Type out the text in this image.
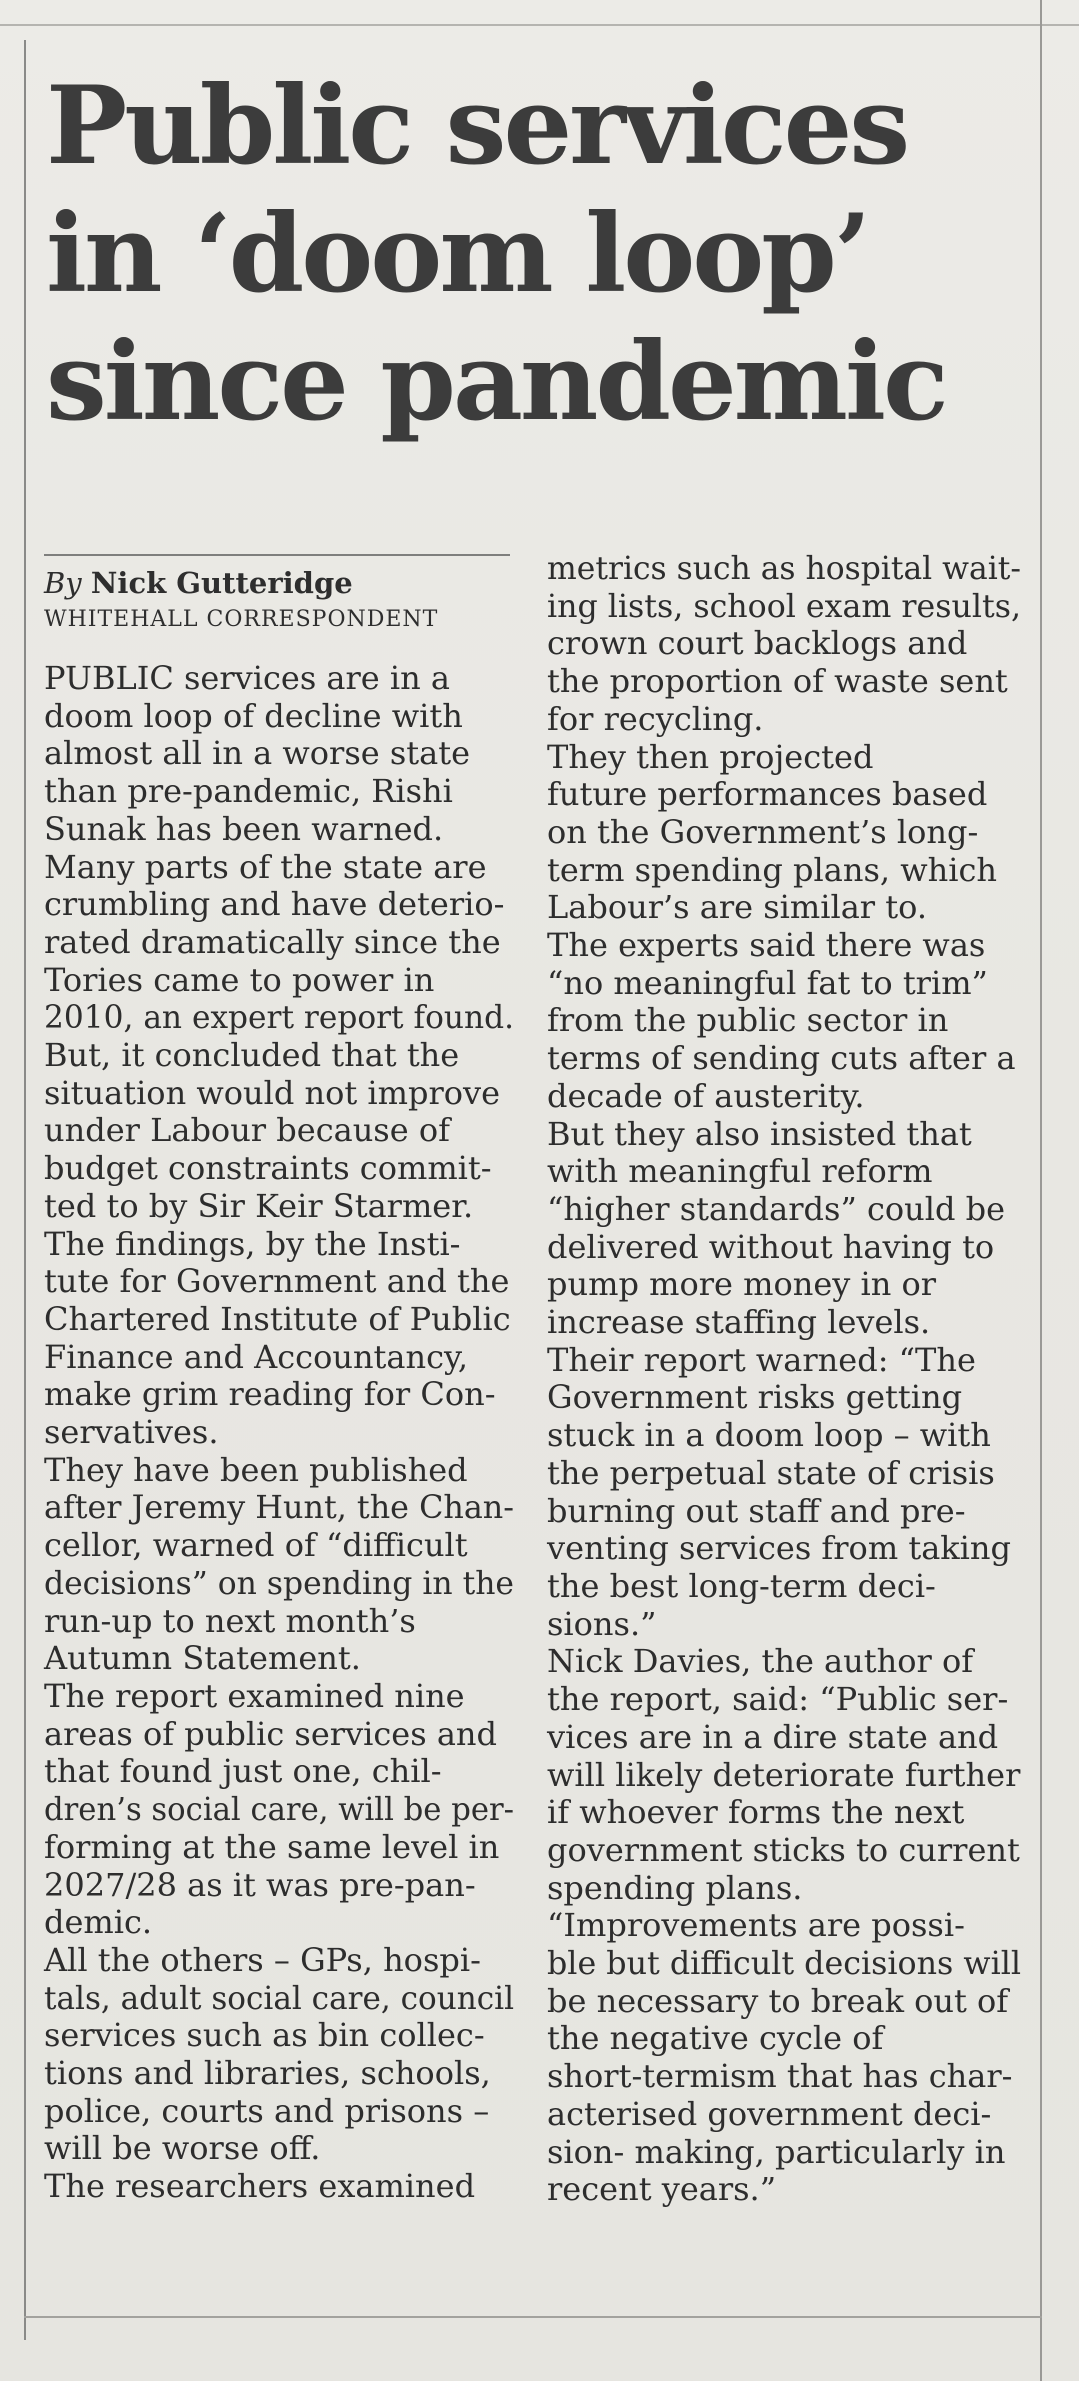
Public services
in ‘doom loop’
since pandemic
By Nick Gutteridge
WHITEHALL CORRESPONDENT
PUBLIC services are in a
doom loop of decline with
almost all in a worse state
than pre-pandemic, Rishi
Sunak has been warned.
Many parts of the state are
crumbling and have deterio-
rated dramatically since the
Tories came to power in
2010, an expert report found.
But, it concluded that the
situation would not improve
under Labour because of
budget constraints commit-
ted to by Sir Keir Starmer.
The findings, by the Insti-
tute for Government and the
Chartered Institute of Public
Finance and Accountancy,
make grim reading for Con-
servatives.
They have been published
after Jeremy Hunt, the Chan-
cellor, warned of “difficult
decisions” on spending in the
run-up to next month’s
Autumn Statement.
The report examined nine
areas of public services and
that found just one, chil-
dren’s social care, will be per-
forming at the same level in
2027/28 as it was pre-pan-
demic.
All the others – GPs, hospi-
tals, adult social care, council
services such as bin collec-
tions and libraries, schools,
police, courts and prisons –
will be worse off.
The researchers examined
metrics such as hospital wait-
ing lists, school exam results,
crown court backlogs and
the proportion of waste sent
for recycling.
They then projected
future performances based
on the Government’s long-
term spending plans, which
Labour’s are similar to.
The experts said there was
“no meaningful fat to trim”
from the public sector in
terms of sending cuts after a
decade of austerity.
But they also insisted that
with meaningful reform
“higher standards” could be
delivered without having to
pump more money in or
increase staffing levels.
Their report warned: “The
Government risks getting
stuck in a doom loop – with
the perpetual state of crisis
burning out staff and pre-
venting services from taking
the best long-term deci-
sions.”
Nick Davies, the author of
the report, said: “Public ser-
vices are in a dire state and
will likely deteriorate further
if whoever forms the next
government sticks to current
spending plans.
“Improvements are possi-
ble but difficult decisions will
be necessary to break out of
the negative cycle of
short-termism that has char-
acterised government deci-
sion- making, particularly in
recent years.”
